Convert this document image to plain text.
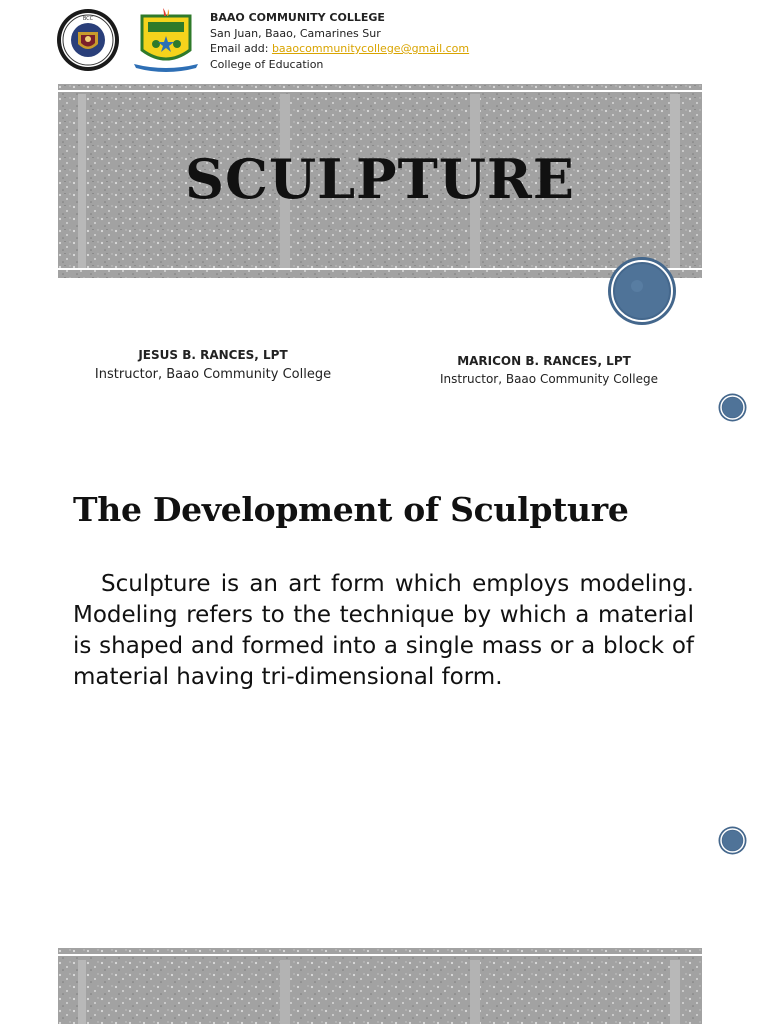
BCC	BAAO COMMUNITY COLLEGE
San Juan, Baao, Camarines Sur
Email add: baaocommunitycollege@gmail.com
College of Education
SCULPTURE
JESUS B. RANCES, LPT
Instructor, Baao Community College
MARICON B. RANCES, LPT
Instructor, Baao Community College
The Development of Sculpture

Sculpture is an art form which employs modeling. Modeling refers to the technique by which a material is shaped and formed into a single mass or a block of material having tri-dimensional form.
